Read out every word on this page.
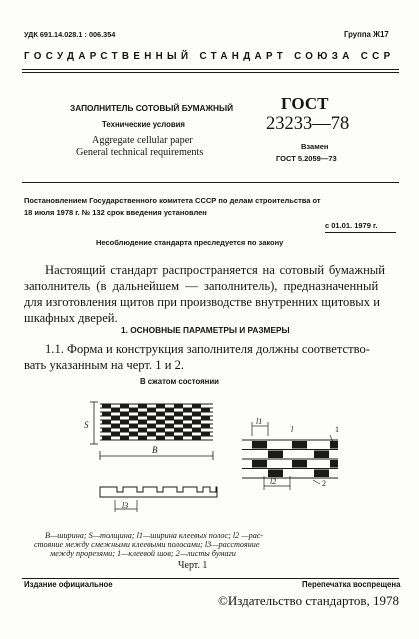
УДК 691.14.028.1 : 006.354	Группа Ж17
ГОСУДАРСТВЕННЫЙ СТАНДАРТ СОЮЗА ССР
ЗАПОЛНИТЕЛЬ СОТОВЫЙ БУМАЖНЫЙ
Технические условия
Aggregate cellular paper
General technical requirements
ГОСТ
23233—78
Взамен
ГОСТ 5.2059—73
Постановлением Государственного комитета СССР по делам строительства от
18 июля 1978 г. № 132 срок введения установлен
с 01.01. 1979 г.
Несоблюдение стандарта преследуется по закону
Настоящий стандарт распространяется на сотовый бумажный
заполнитель (в дальнейшем — заполнитель), предназначенный
для изготовления щитов при производстве внутренних щитовых и
шкафных дверей.
1. ОСНОВНЫЕ ПАРАМЕТРЫ И РАЗМЕРЫ
1.1. Форма и конструкция заполнителя должны соответство-
вать указанным на черт. 1 и 2.
В сжатом состоянии
S
B
l3
l1
l	1
l2	2
B—ширина; S—толщина; l1—ширина клеевых полос; l2 —рас-
стояние между смежными клеевыми полосами; l3—расстояние
между прорезями; 1—клеевой шов; 2—листы бумаги
Черт. 1
Издание официальное	Перепечатка воспрещена
©Издательство стандартов, 1978
